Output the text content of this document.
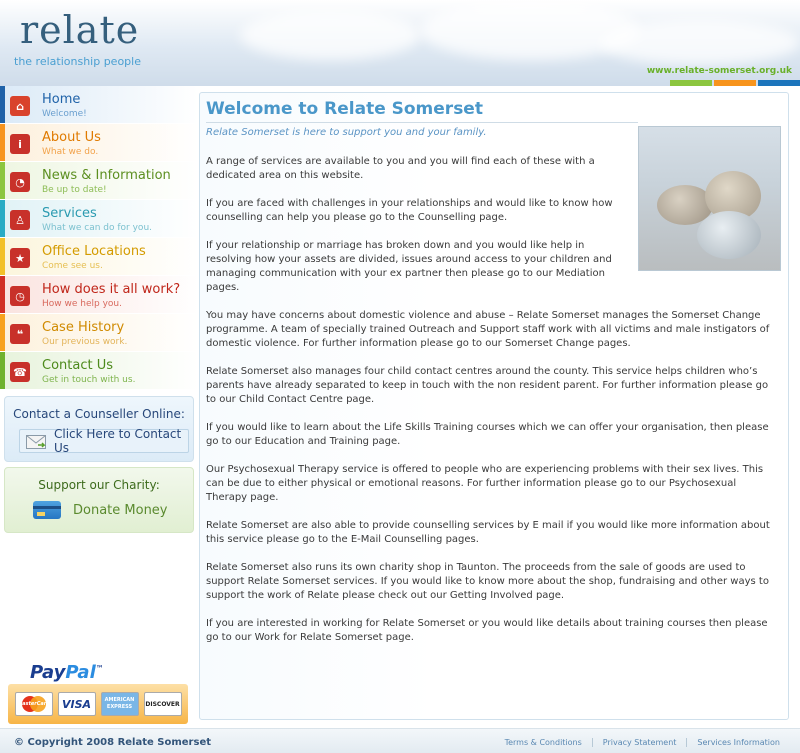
relate
the relationship people
www.relate-somerset.org.uk
⌂	Home
Welcome!
i	About Us
What we do.
◔	News & Information
Be up to date!
♙	Services
What we can do for you.
★	Office Locations
Come see us.
◷	How does it all work?
How we help you.
❝	Case History
Our previous work.
☎ Contact Us
Get in touch with us.
Contact a Counseller Online:
Click Here to Contact Us
Support our Charity:
Donate Money
PayPal™
MasterCard	VISA	AMERICAN EXPRESS	DISCOVER
Welcome to Relate Somerset
Relate Somerset is here to support you and your family.

A range of services are available to you and you will find each of these with a dedicated area on this website.

If you are faced with challenges in your relationships and would like to know how counselling can help you please go to the Counselling page.

If your relationship or marriage has broken down and you would like help in resolving how your assets are divided, issues around access to your children and managing communication with your ex partner then please go to our Mediation pages.

You may have concerns about domestic violence and abuse – Relate Somerset manages the Somerset Change programme. A team of specially trained Outreach and Support staff work with all victims and male instigators of domestic violence. For further information please go to our Somerset Change pages.

Relate Somerset also manages four child contact centres around the county. This service helps children who’s parents have already separated to keep in touch with the non resident parent. For further information please go to our Child Contact Centre page.

If you would like to learn about the Life Skills Training courses which we can offer your organisation, then please go to our Education and Training page.

Our Psychosexual Therapy service is offered to people who are experiencing problems with their sex lives. This can be due to either physical or emotional reasons. For further information please go to our Psychosexual Therapy page.

Relate Somerset are also able to provide counselling services by E mail if you would like more information about this service please go to the E-Mail Counselling pages.

Relate Somerset also runs its own charity shop in Taunton. The proceeds from the sale of goods are used to support Relate Somerset services. If you would like to know more about the shop, fundraising and other ways to support the work of Relate please check out our Getting Involved page.

If you are interested in working for Relate Somerset or you would like details about training courses then please go to our Work for Relate Somerset page.

© Copyright 2008 Relate Somerset	Terms & Conditions	Privacy Statement	Services Information
